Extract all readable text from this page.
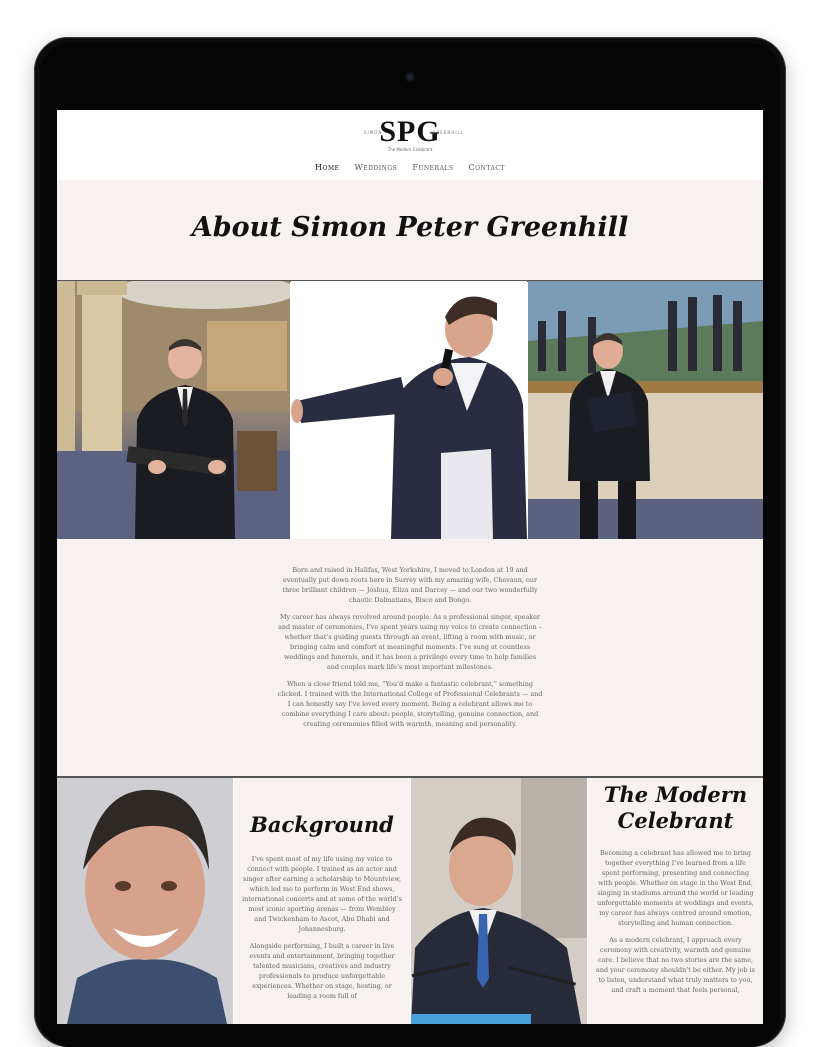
SIMON
SPG
GREENHILL
The Modern Celebrant
Home Weddings Funerals Contact
About Simon Peter Greenhill

Born and raised in Halifax, West Yorkshire, I moved to London at 19 and eventually put down roots here in Surrey with my amazing wife, Chevaun, our three brilliant children — Joshua, Eliza and Darcey — and our two wonderfully chaotic Dalmatians, Bisco and Bongo.

My career has always revolved around people. As a professional singer, speaker and master of ceremonies, I’ve spent years using my voice to create connection – whether that’s guiding guests through an event, lifting a room with music, or bringing calm and comfort at meaningful moments. I’ve sung at countless weddings and funerals, and it has been a privilege every time to help families and couples mark life’s most important milestones.

When a close friend told me, “You’d make a fantastic celebrant,” something clicked. I trained with the International College of Professional Celebrants — and I can honestly say I’ve loved every moment. Being a celebrant allows me to combine everything I care about: people, storytelling, genuine connection, and creating ceremonies filled with warmth, meaning and personality.

Background

I’ve spent most of my life using my voice to connect with people. I trained as an actor and singer after earning a scholarship to Mountview, which led me to perform in West End shows, international concerts and at some of the world’s most iconic sporting arenas — from Wembley and Twickenham to Ascot, Abu Dhabi and Johannesburg.

Alongside performing, I built a career in live events and entertainment, bringing together talented musicians, creatives and industry professionals to produce unforgettable experiences. Whether on stage, hosting, or leading a room full of

The Modern
Celebrant

Becoming a celebrant has allowed me to bring together everything I’ve learned from a life spent performing, presenting and connecting with people. Whether on stage in the West End, singing in stadiums around the world or leading unforgettable moments at weddings and events, my career has always centred around emotion, storytelling and human connection.

As a modern celebrant, I approach every ceremony with creativity, warmth and genuine care. I believe that no two stories are the same, and your ceremony shouldn’t be either. My job is to listen, understand what truly matters to you, and craft a moment that feels personal,
